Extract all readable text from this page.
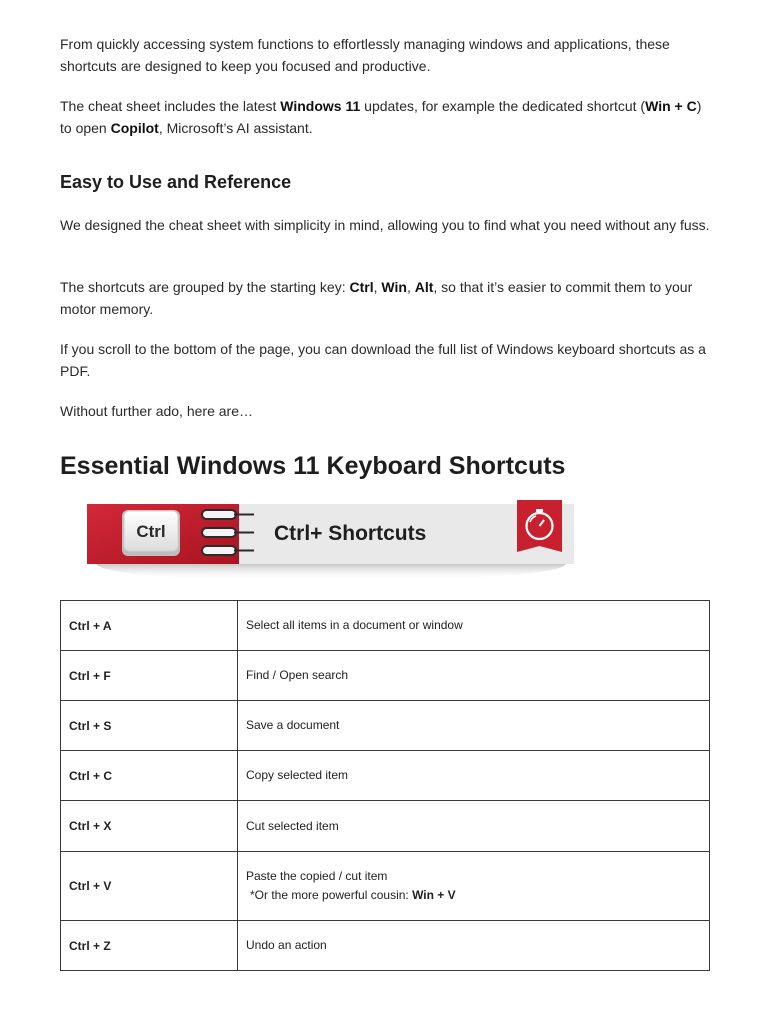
From quickly accessing system functions to effortlessly managing windows and applications, these shortcuts are designed to keep you focused and productive.

The cheat sheet includes the latest Windows 11 updates, for example the dedicated shortcut (Win + C) to open Copilot, Microsoft’s AI assistant.

Easy to Use and Reference

We designed the cheat sheet with simplicity in mind, allowing you to find what you need without any fuss.

The shortcuts are grouped by the starting key: Ctrl, Win, Alt, so that it’s easier to commit them to your motor memory.

If you scroll to the bottom of the page, you can download the full list of Windows keyboard shortcuts as a PDF.

Without further ado, here are…

Essential Windows 11 Keyboard Shortcuts
Ctrl	Ctrl+ Shortcuts
Ctrl + A	Select all items in a document or window
Ctrl + F	Find / Open search
Ctrl + S	Save a document
Ctrl + C	Copy selected item
Ctrl + X	Cut selected item
Ctrl + V	Paste the copied / cut item
*Or the more powerful cousin: Win + V

Ctrl + Z	Undo an action
